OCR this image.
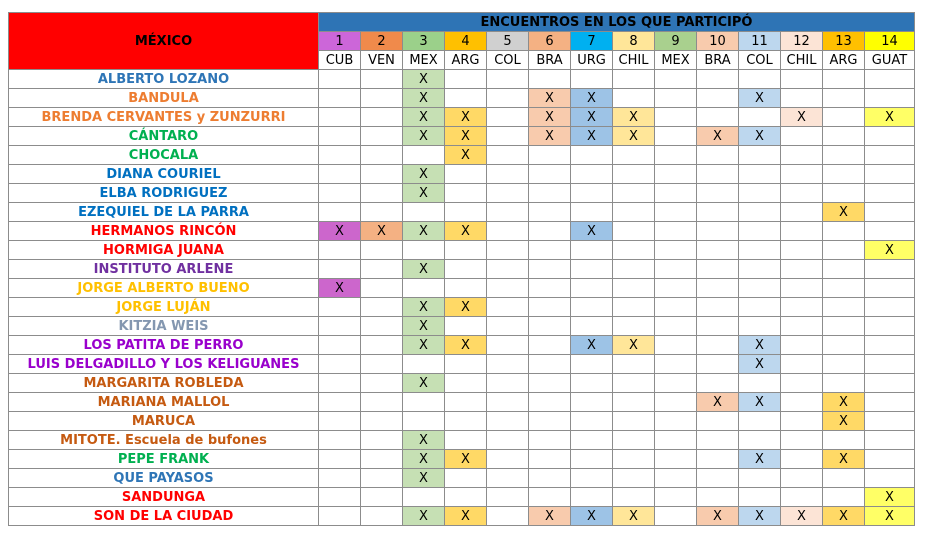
MÉXICO	ENCUENTROS EN LOS QUE PARTICIPÓ													
	1	2	3	4	5	6	7	8	9	10	11	12	13	14
	CUB	VEN	MEX	ARG	COL	BRA	URG	CHIL	MEX	BRA	COL	CHIL	ARG	GUAT
ALBERTO LOZANO			X											
BANDULA			X			X	X				X			
BRENDA CERVANTES y ZUNZURRI			X	X		X	X	X				X		X
CÁNTARO			X	X		X	X	X		X	X			
CHOCALA				X										
DIANA COURIEL			X											
ELBA RODRIGUEZ			X											
EZEQUIEL DE LA PARRA													X	
HERMANOS RINCÓN	X	X	X	X			X							
HORMIGA JUANA														X
INSTITUTO ARLENE			X											
JORGE ALBERTO BUENO	X													
JORGE LUJÁN			X	X										
KITZIA WEIS			X											
LOS PATITA DE PERRO			X	X			X	X			X			
LUIS DELGADILLO Y LOS KELIGUANES											X			
MARGARITA ROBLEDA			X											
MARIANA MALLOL										X	X		X	
MARUCA													X	
MITOTE. Escuela de bufones			X											
PEPE FRANK			X	X							X		X	
QUE PAYASOS			X											
SANDUNGA														X
SON DE LA CIUDAD			X	X		X	X	X		X	X	X	X	X
